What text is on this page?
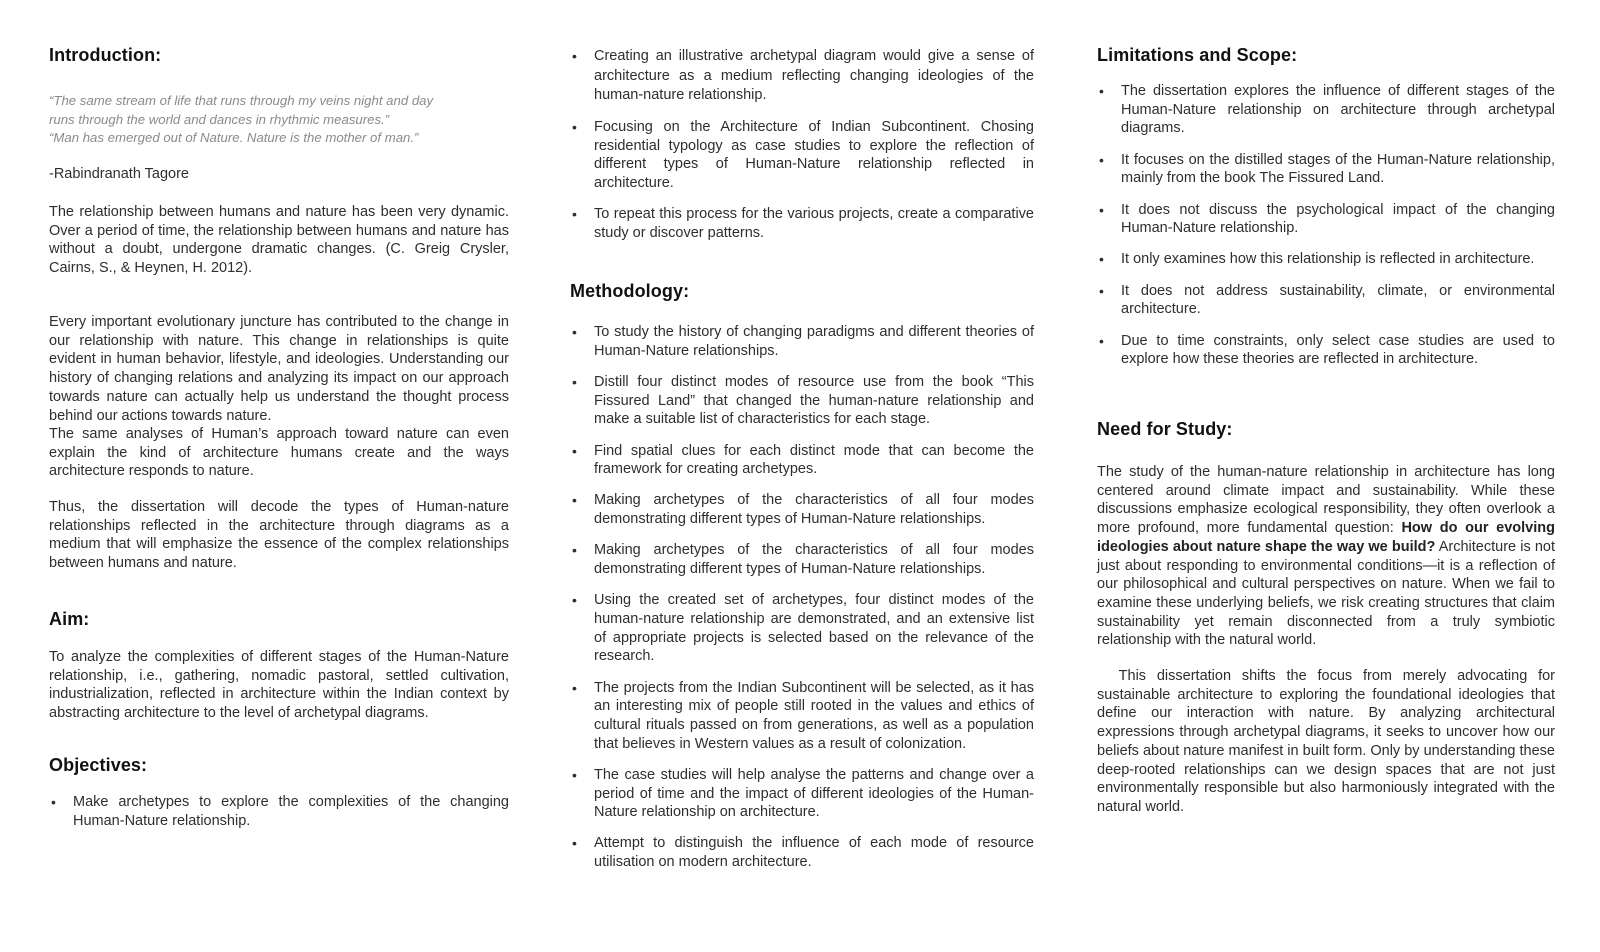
Introduction:
“The same stream of life that runs through my veins night and day
runs through the world and dances in rhythmic measures.”
“Man has emerged out of Nature. Nature is the mother of man.”

-Rabindranath Tagore

The relationship between humans and nature has been very dynamic. Over a period of time, the relationship between humans and nature has without a doubt, undergone dramatic changes. (C. Greig Crysler, Cairns, S., & Heynen, H. 2012).

Every important evolutionary juncture has contributed to the change in our relationship with nature. This change in relationships is quite evident in human behavior, lifestyle, and ideologies. Understanding our history of changing relations and analyzing its impact on our approach towards nature can actually help us understand the thought process behind our actions towards nature.

The same analyses of Human’s approach toward nature can even explain the kind of architecture humans create and the ways architecture responds to nature.

Thus, the dissertation will decode the types of Human-nature relationships reflected in the architecture through diagrams as a medium that will emphasize the essence of the complex relationships between humans and nature.

Aim:

To analyze the complexities of different stages of the Human-Nature relationship, i.e., gathering, nomadic pastoral, settled cultivation, industrialization, reflected in architecture within the Indian context by abstracting architecture to the level of archetypal diagrams.

Objectives:
• Make archetypes to explore the complexities of the changing Human-Nature relationship.
• Creating an illustrative archetypal diagram would give a sense of architecture as a medium reflecting changing ideologies of the human-nature relationship.
• Focusing on the Architecture of Indian Subcontinent. Chosing residential typology as case studies to explore the reflection of different types of Human-Nature relationship reflected in architecture.
• To repeat this process for the various projects, create a comparative study or discover patterns.
Methodology:
• To study the history of changing paradigms and different theories of Human-Nature relationships.
• Distill four distinct modes of resource use from the book “This Fissured Land” that changed the human-nature relationship and make a suitable list of characteristics for each stage.
• Find spatial clues for each distinct mode that can become the framework for creating archetypes.
• Making archetypes of the characteristics of all four modes demonstrating different types of Human-Nature relationships.
• Making archetypes of the characteristics of all four modes demonstrating different types of Human-Nature relationships.
• Using the created set of archetypes, four distinct modes of the human-nature relationship are demonstrated, and an extensive list of appropriate projects is selected based on the relevance of the research.
• The projects from the Indian Subcontinent will be selected, as it has an interesting mix of people still rooted in the values and ethics of cultural rituals passed on from generations, as well as a population that believes in Western values as a result of colonization.
• The case studies will help analyse the patterns and change over a period of time and the impact of different ideologies of the Human-Nature relationship on architecture.
• Attempt to distinguish the influence of each mode of resource utilisation on modern architecture.
Limitations and Scope:
• The dissertation explores the influence of different stages of the Human-Nature relationship on architecture through archetypal diagrams.
• It focuses on the distilled stages of the Human-Nature relationship, mainly from the book The Fissured Land.
• It does not discuss the psychological impact of the changing Human-Nature relationship.
• It only examines how this relationship is reflected in architecture.
• It does not address sustainability, climate, or environmental architecture.
• Due to time constraints, only select case studies are used to explore how these theories are reflected in architecture.
Need for Study:

The study of the human-nature relationship in architecture has long centered around climate impact and sustainability. While these discussions emphasize ecological responsibility, they often overlook a more profound, more fundamental question: How do our evolving ideologies about nature shape the way we build? Architecture is not just about responding to environmental conditions—it is a reflection of our philosophical and cultural perspectives on nature. When we fail to examine these underlying beliefs, we risk creating structures that claim sustainability yet remain disconnected from a truly symbiotic relationship with the natural world.

This dissertation shifts the focus from merely advocating for sustainable architecture to exploring the foundational ideologies that define our interaction with nature. By analyzing architectural expressions through archetypal diagrams, it seeks to uncover how our beliefs about nature manifest in built form. Only by understanding these deep-rooted relationships can we design spaces that are not just environmentally responsible but also harmoniously integrated with the natural world.
